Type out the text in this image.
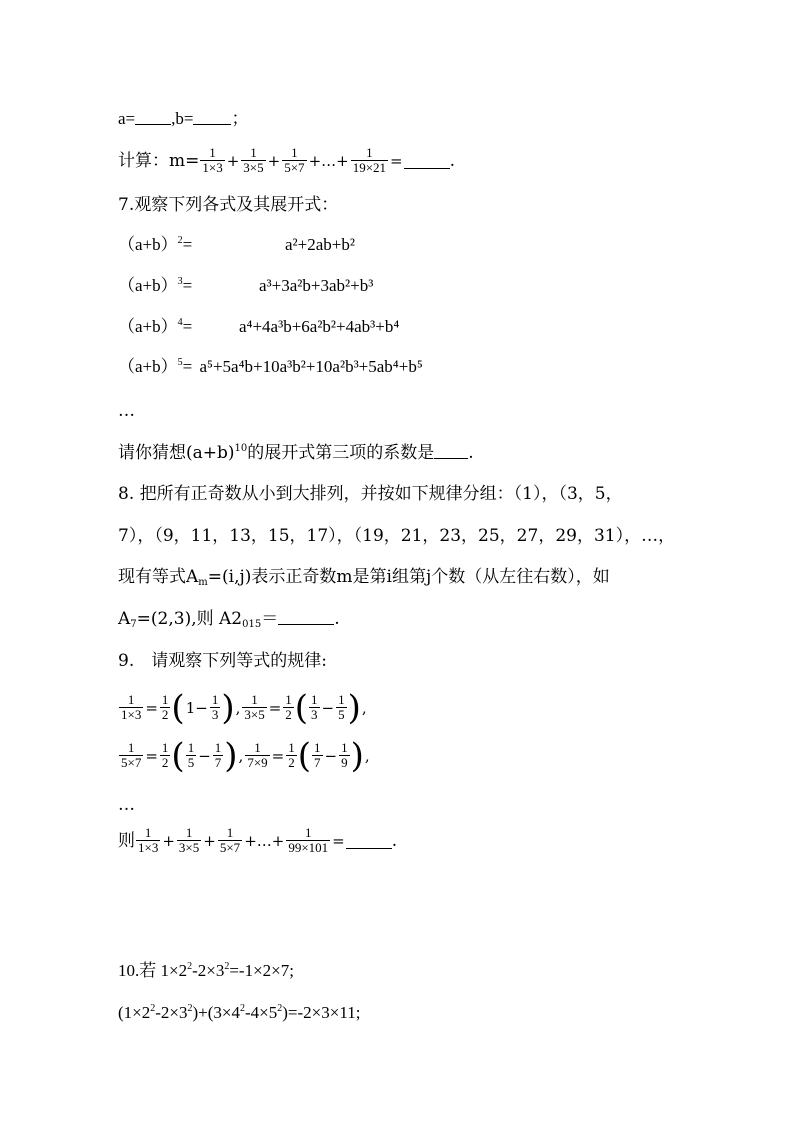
a= ,b= ；
计算：$m= \frac{1}{1\times 3} + \frac{1}{3\times 5} + \frac{1}{5\times 7}$ +…+ $\frac{1}{19\times 21}$ =	.
7.观察下列各式及其展开式：
$(a+b)^2=$	a²+2ab+b²
$(a+b)^3=$	a³+3a²b+3ab²+b³
$(a+b)^4=$	a⁴+4a³b+6a²b²+4ab³+b⁴
$(a+b)^5= a^5+5a^4b+10a^3b^2+10a^2b^3+5ab^4+b^5$
…
请你猜想$(a+b)^{10}$的展开式第三项的系数是 .
8. 把所有正奇数从小到大排列，并按如下规律分组：（1），（3，5，
7），（9，11，13，15，17），（19，21，23，25，27，29，31），…，
现有等式$A_m=(i,j)$表示正奇数m是第i组第j个数（从左往右数），如
$A_7=(2,3)$,则 $A2_{015}=$	.
9.　请观察下列等式的规律:
$\frac{1}{1\times 3} = \frac{1}{2}$ ( $1- \frac{1}{3}$ ) , $\frac{1}{3\times 5} = \frac{1}{2}$ ( $\frac{1}{3} - \frac{1}{5}$ ) ,
$\frac{1}{5\times 7} = \frac{1}{2}$ ( $\frac{1}{5} - \frac{1}{7}$ ) , $\frac{1}{7\times 9} = \frac{1}{2}$ ( $\frac{1}{7} - \frac{1}{9}$ ) ,
…
则 $\frac{1}{1\times 3} + \frac{1}{3\times 5} + \frac{1}{5\times 7}$ +…+ $\frac{1}{99\times 101}$ =	.
10.若 $1\times 2^2-2\times 3^2=-1\times 2\times 7$;
$(1\times 2^2-2\times 3^2)+(3\times 4^2-4\times 5^2)=-2\times 3\times 11$;
